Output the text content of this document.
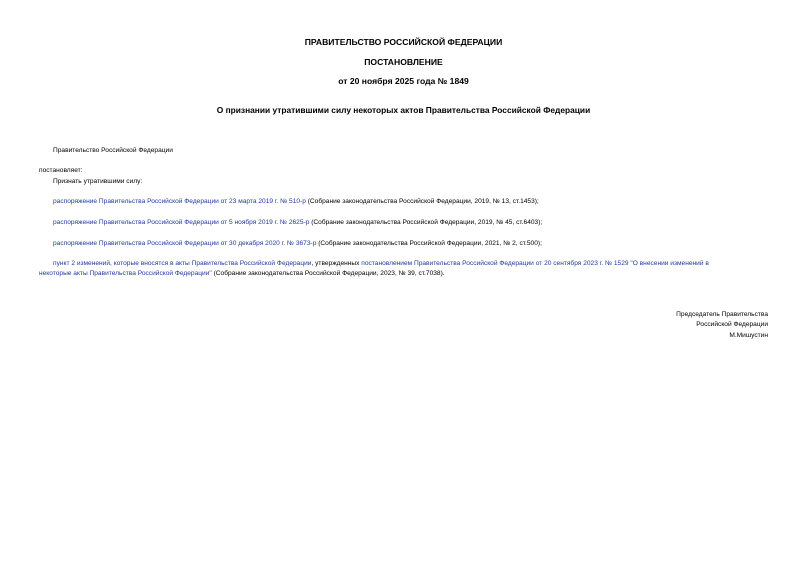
ПРАВИТЕЛЬСТВО РОССИЙСКОЙ ФЕДЕРАЦИИ
ПОСТАНОВЛЕНИЕ
от 20 ноября 2025 года № 1849
О признании утратившими силу некоторых актов Правительства Российской Федерации
Правительство Российской Федерации
постановляет:
Признать утратившими силу:
распоряжение Правительства Российской Федерации от 23 марта 2019 г. № 510-р (Собрание законодательства Российской Федерации, 2019, № 13, ст.1453);
распоряжение Правительства Российской Федерации от 5 ноября 2019 г. № 2625-р (Собрание законодательства Российской Федерации, 2019, № 45, ст.6403);
распоряжение Правительства Российской Федерации от 30 декабря 2020 г. № 3673-р (Собрание законодательства Российской Федерации, 2021, № 2, ст.500);
пункт 2 изменений, которые вносятся в акты Правительства Российской Федерации, утвержденных постановлением Правительства Российской Федерации от 20 сентября 2023 г. № 1529 "О внесении изменений в
некоторые акты Правительства Российской Федерации" (Собрание законодательства Российской Федерации, 2023, № 39, ст.7038).
Председатель Правительства
Российской Федерации
М.Мишустин
